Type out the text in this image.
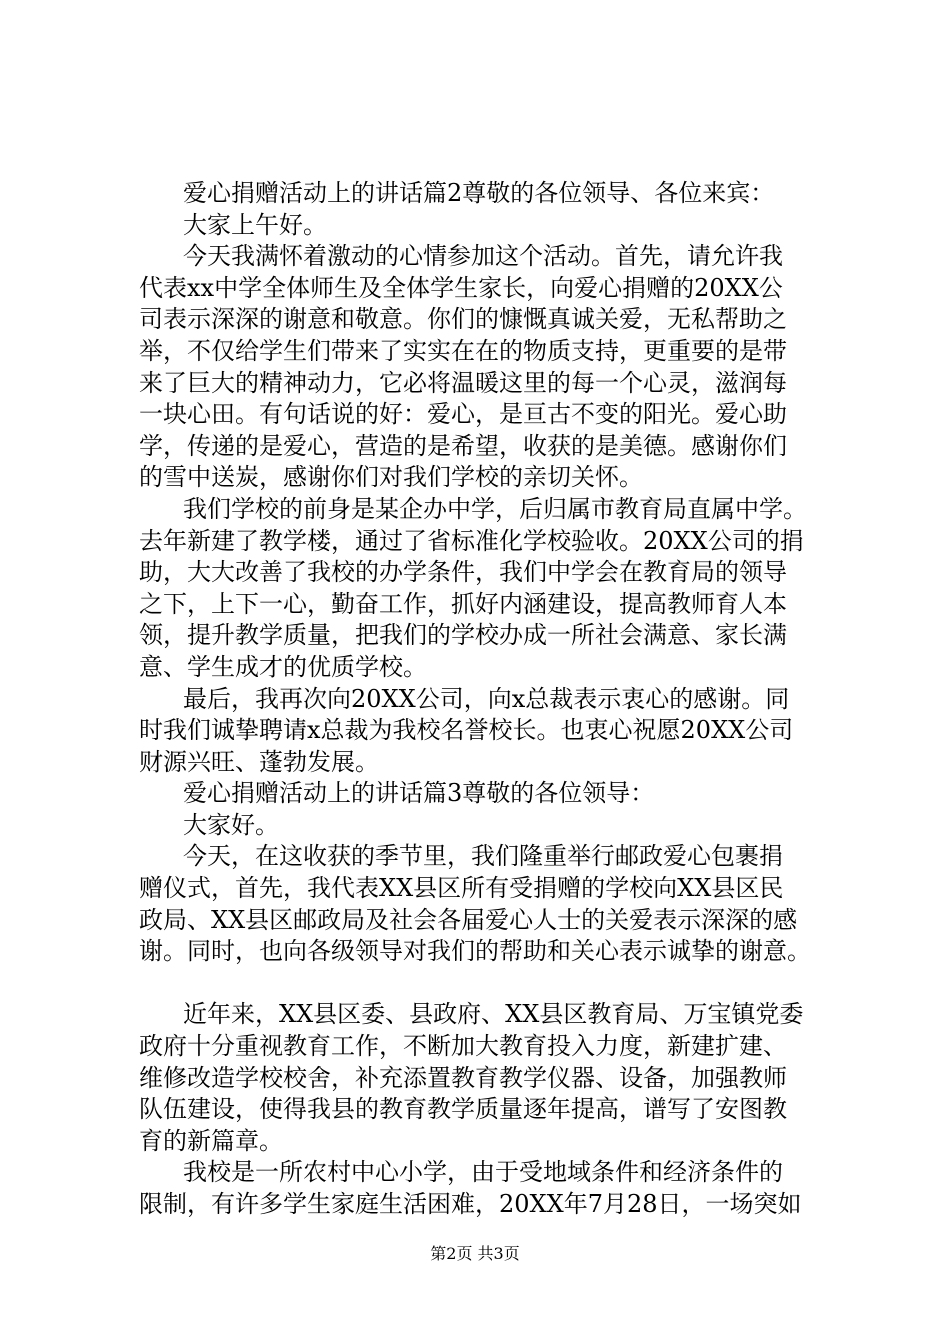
爱心捐赠活动上的讲话篇2尊敬的各位领导、各位来宾：
大家上午好。
今天我满怀着激动的心情参加这个活动。首先，请允许我
代表xx中学全体师生及全体学生家长，向爱心捐赠的20XX公
司表示深深的谢意和敬意。你们的慷慨真诚关爱，无私帮助之
举，不仅给学生们带来了实实在在的物质支持，更重要的是带
来了巨大的精神动力，它必将温暖这里的每一个心灵，滋润每
一块心田。有句话说的好：爱心，是亘古不变的阳光。爱心助
学，传递的是爱心，营造的是希望，收获的是美德。感谢你们
的雪中送炭，感谢你们对我们学校的亲切关怀。
我们学校的前身是某企办中学，后归属市教育局直属中学。
去年新建了教学楼，通过了省标准化学校验收。20XX公司的捐
助，大大改善了我校的办学条件，我们中学会在教育局的领导
之下，上下一心，勤奋工作，抓好内涵建设，提高教师育人本
领，提升教学质量，把我们的学校办成一所社会满意、家长满
意、学生成才的优质学校。
最后，我再次向20XX公司，向x总裁表示衷心的感谢。同
时我们诚挚聘请x总裁为我校名誉校长。也衷心祝愿20XX公司
财源兴旺、蓬勃发展。
爱心捐赠活动上的讲话篇3尊敬的各位领导：
大家好。
今天，在这收获的季节里，我们隆重举行邮政爱心包裹捐
赠仪式，首先，我代表XX县区所有受捐赠的学校向XX县区民
政局、XX县区邮政局及社会各届爱心人士的关爱表示深深的感
谢。同时，也向各级领导对我们的帮助和关心表示诚挚的谢意。
近年来，XX县区委、县政府、XX县区教育局、万宝镇党委
政府十分重视教育工作，不断加大教育投入力度，新建扩建、
维修改造学校校舍，补充添置教育教学仪器、设备，加强教师
队伍建设，使得我县的教育教学质量逐年提高，谱写了安图教
育的新篇章。
我校是一所农村中心小学，由于受地域条件和经济条件的
限制，有许多学生家庭生活困难，20XX年7月28日，一场突如
第2页 共3页
